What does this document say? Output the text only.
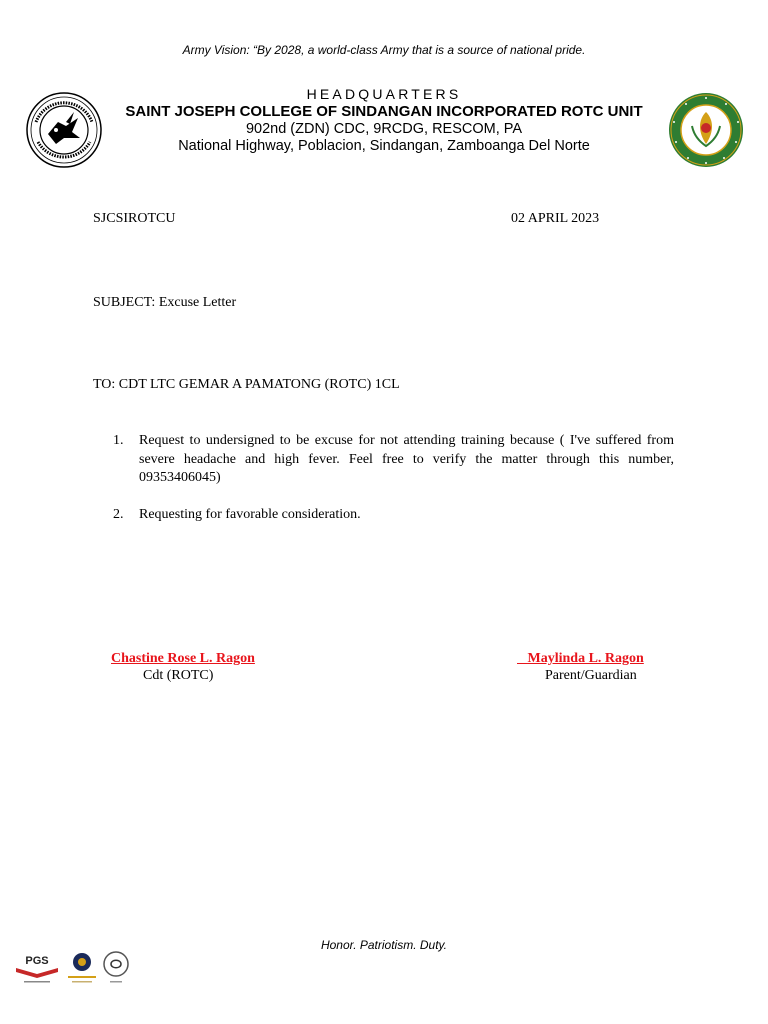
Army Vision: “By 2028, a world-class Army that is a source of national pride.
HEADQUARTERS
SAINT JOSEPH COLLEGE OF SINDANGAN INCORPORATED ROTC UNIT
902nd (ZDN) CDC, 9RCDG, RESCOM, PA
National Highway, Poblacion, Sindangan, Zamboanga Del Norte
SJCSIROTCU	02 APRIL 2023
SUBJECT: Excuse Letter
TO: CDT LTC GEMAR A PAMATONG (ROTC) 1CL
1. Request to undersigned to be excuse for not attending training because ( I've suffered from severe headache and high fever. Feel free to verify the matter through this number, 09353406045)
2. Requesting for favorable consideration.
Chastine Rose L. Ragon
Cdt (ROTC)
Maylinda L. Ragon
Parent/Guardian
Honor. Patriotism. Duty.
PGS
